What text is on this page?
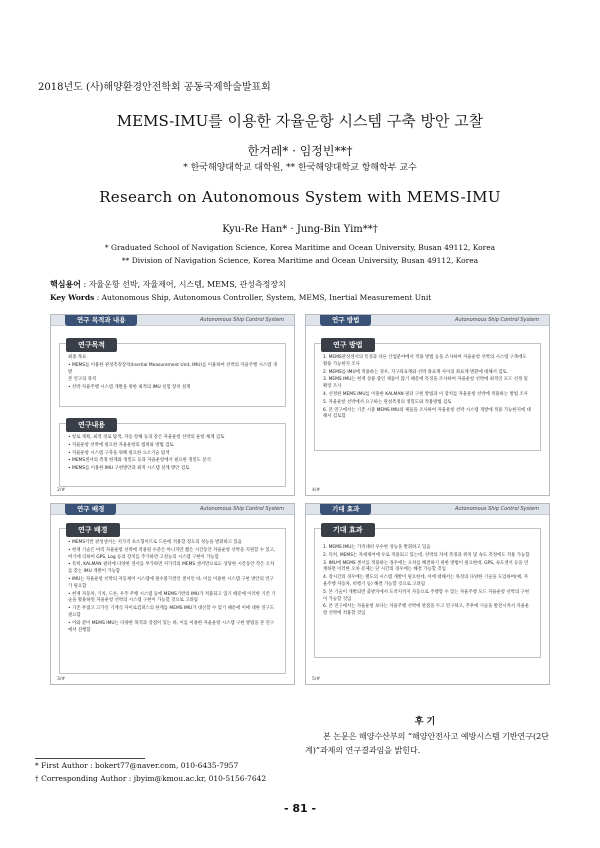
2018년도 (사)해양환경안전학회 공동국제학술발표회
MEMS-IMU를 이용한 자율운항 시스템 구축 방안 고찰
한겨레* · 임정빈**†
* 한국해양대학교 대학원, ** 한국해양대학교 항해학부 교수
Research on Autonomous System with MEMS-IMU
Kyu-Re Han* · Jung-Bin Yim**†
* Graduated School of Navigation Science, Korea Maritime and Ocean University, Busan 49112, Korea
** Division of Navigation Science, Korea Maritime and Ocean University, Busan 49112, Korea
핵심용어 : 자율운항 선박, 자율제어, 시스템, MEMS, 관성측정장치
Key Words : Autonomous Ship, Autonomous Controller, System, MEMS, Inertial Measurement Unit
연구 목적과 내용	Autonomous Ship Control System
연구목적
최종 목표
• MEMS를 이용한 관성측정장치(Inertial Measurement Unit, IMU)를 이용하여 선박의 자율주행 시스템 개발
본 연구의 목적
• 선박 자율주행 시스템 개발을 위한 최적의 IMU 실험 장치 설계
연구내용
• 항로 계획, 최적 경로 탐색, 자동 항해 등과 같은 자율운항 선박의 운항 체계 검토
• 자율운항 선박에 필요한 자율운항의 범위와 방법 검토
• 자율운항 시스템 구축을 위해 필요한 요소기술 탐색
• MEMS센서의 측정 한계와 정밀도 등과 자율운항에서 필요한 정밀도 분석
• MEMS를 이용한 IMU 구현방안과 최적 시스템 설계 방안 검토
2/#
연구 방법	Autonomous Ship Control System
연구 방법
1. MEMS관성센서의 특징과 다른 산업분야에서 적용 방법 등을 조사하여 자율운항 선박의 시스템 구축에도 활용 가능한지 조사
2. MEMS를 IMU에 적용하는 경우, 지구좌표계와 선박 좌표계 사이의 좌표계 변환에 대해서 검토
3. MEMS IMU는 현재 상용 중인 제품이 많기 때문에 특징을 조사하여 자율운항 선박에 최적인 모드 선정 및 확장 조사
4. 선정한 MEMS IMU를 이용한 KALMAN 필터 구현 방법과 이 장치를 자율운항 선박에 적용하는 방법 조사
5. 자율운항 선박에서 요구하는 관성측정의 정밀도와 적용방법 검토
6. 본 연구에서는 기존 시중 MEMS IMU의 제품을 조사하여 자율운항 선박 시스템 개발에 적용 가능한지에 대해서 검토함
4/#
연구 배경	Autonomous Ship Control System
연구 배경
• MEMS기반 관성센서는 저가격 초소형이므로 드론에 적용할 정도의 성능을 발휘하고 있음
• 현재 기술은 아직 자율운항 선박에 적용될 수준은 아니지만 짧은 시간동안 자율운항 선박을 지원할 수 있고, 여기에 더하여 GPS, Log 등의 장치를 추가하면 고성능의 시스템 구현이 가능함
• 특히, KALMAN 필터에 다양한 센서를 부가하면 저가격의 MEMS 센서만으로도 상당한 시간동안 작은 오차를 갖는 IMU 개발이 가능함
• IMU는 자율운항 선박의 자동제어 시스템에 필수불가결인 센서인 바, 이를 이용한 시스템 구현 방안의 연구가 필요함
• 현재 자동차, 기차, 드론, 우주 주행 시스템 등에 MEMS기반의 IMU가 적용되고 있기 때문에 이러한 기존 기술을 활용하면 자율운항 선박의 시스템 구현이 가능할 것으로 고려됨
• 기존 무접고 고가인 기계식 자이로컴퍼스의 한계를 MEMS IMU가 대신할 수 있기 때문에 이에 대한 연구도 필요함
• 이와 같이 MEMS IMU는 다양한 목적과 장점이 있는 바, 이를 이용한 자율운항 시스템 구현 방법을 본 연구에서 진행함
3/#
기대 효과	Autonomous Ship Control System
기대 효과
1. MEMS IMU는 가격대비 우수한 성능을 발휘하고 있음
2. 특히, MEMS는 자세제어에 우로 적용되고 있는데, 선박의 자세 측정과 위치 및 속도 측정에도 적용 가능함
3. IMU에 MEMS 센서를 적용하는 경우에는 오차를 해결하기 위한 방법이 필요한데, GPS, 속도센서 등을 연계하면 이러한 오차 문제는 단 시간의 경우에는 해결 가능할 것임
4. 장시간의 경우에는 별도의 시스템 개발이 필요한데, 이에 대해서는 목성의 다양한 기술을 도입하여(예, 자율주행 자동차, 비행기 등) 해결 가능할 것으로 고려됨
5. 본 기술이 개발되면 출발지에서 도착지까지 자동으로 주행할 수 있는 자율주행 모드 자율운항 선박의 구현이 가능할 것임
6. 본 연구에서는 자율운항 보다는 자율주행 선박에 관점을 두고 연구하고, 추후에 기술을 발전시켜서 자율운항 선박에 적용할 것임
5/#
후 기
본 논문은 해양수산부의 “해양안전사고 예방시스템 기반연구(2단계)”과제의 연구결과임을 밝힌다.
* First Author : bokert77@naver.com, 010-6435-7957
† Corresponding Author : jbyim@kmou.ac.kr, 010-5156-7642
- 81 -
